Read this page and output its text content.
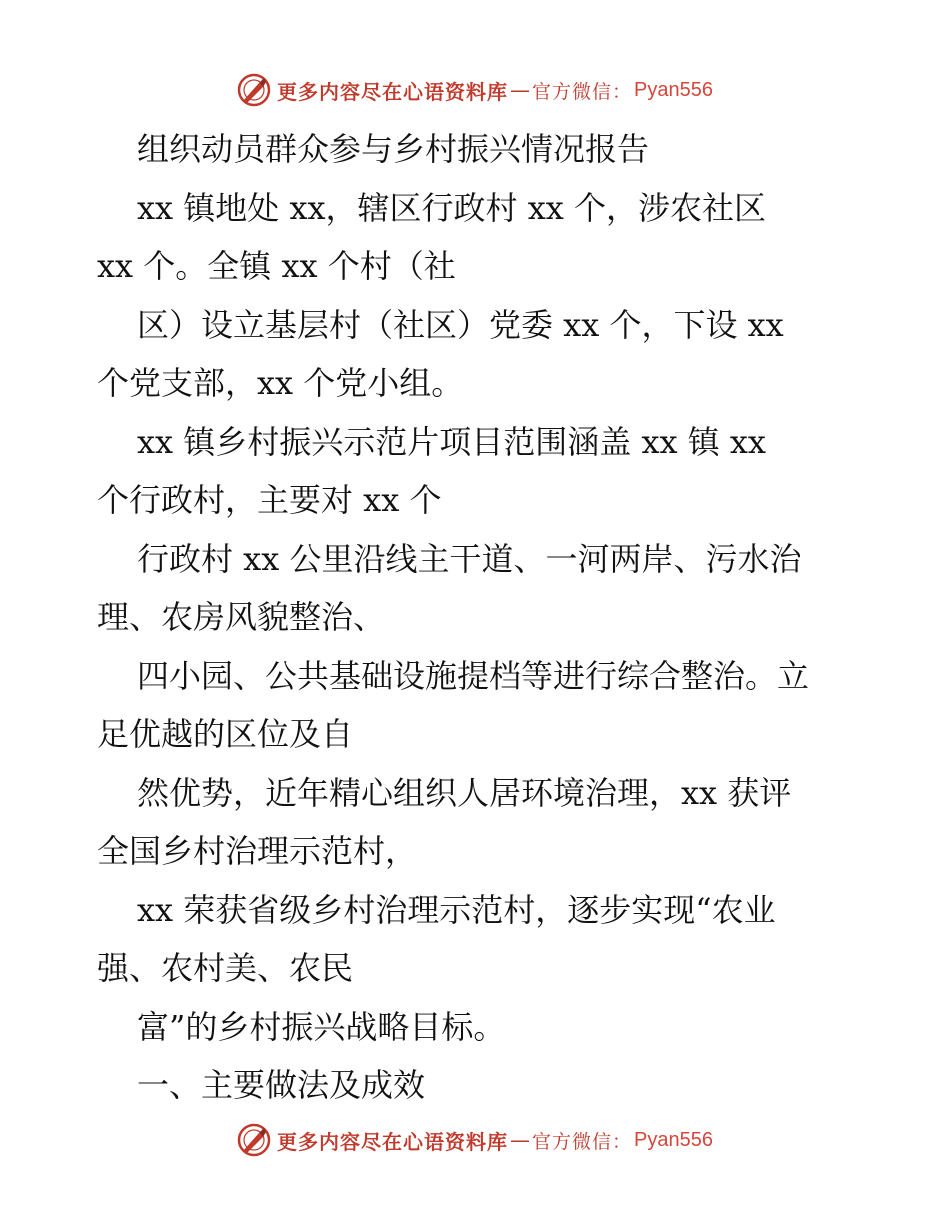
更多内容尽在心语资料库 — 官方微信： Pyan556
组织动员群众参与乡村振兴情况报告
xx 镇地处 xx，辖区行政村 xx 个，涉农社区
xx 个。全镇 xx 个村（社
区）设立基层村（社区）党委 xx 个，下设 xx
个党支部，xx 个党小组。
xx 镇乡村振兴示范片项目范围涵盖 xx 镇 xx
个行政村，主要对 xx 个
行政村 xx 公里沿线主干道、一河两岸、污水治
理、农房风貌整治、
四小园、公共基础设施提档等进行综合整治。立
足优越的区位及自
然优势，近年精心组织人居环境治理，xx 获评
全国乡村治理示范村，
xx 荣获省级乡村治理示范村，逐步实现“农业
强、农村美、农民
富”的乡村振兴战略目标。
一、主要做法及成效
更多内容尽在心语资料库 — 官方微信： Pyan556
